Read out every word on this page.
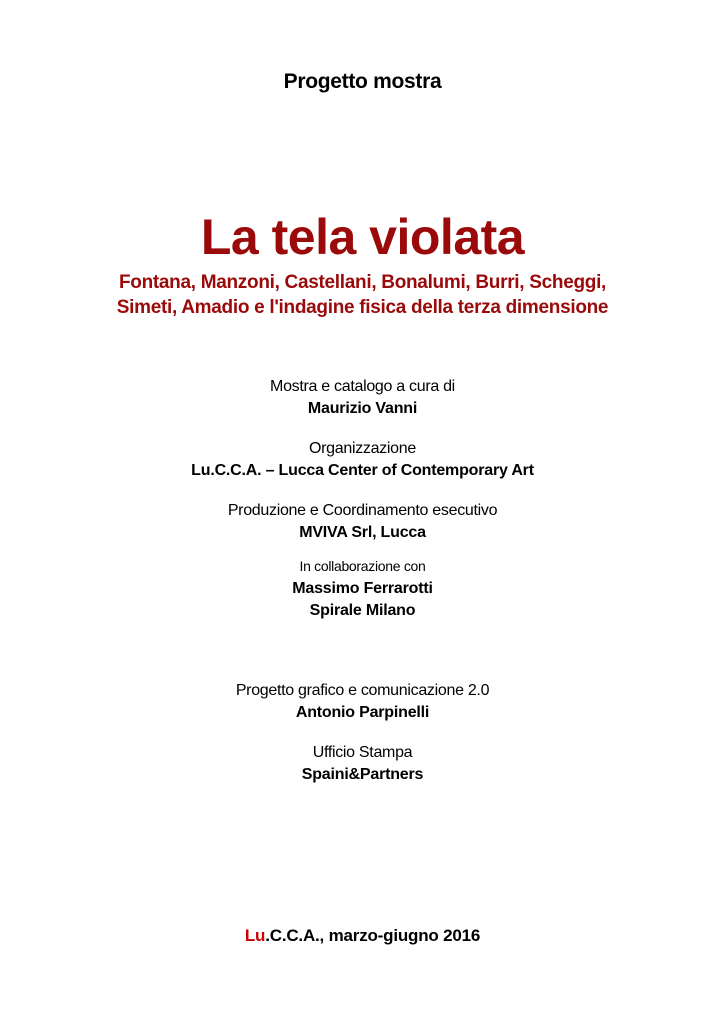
Progetto mostra
La tela violata
Fontana, Manzoni, Castellani, Bonalumi, Burri, Scheggi,
Simeti, Amadio e l'indagine fisica della terza dimensione
Mostra e catalogo a cura di
Maurizio Vanni
Organizzazione
Lu.C.C.A. – Lucca Center of Contemporary Art
Produzione e Coordinamento esecutivo
MVIVA Srl, Lucca
In collaborazione con
Massimo Ferrarotti
Spirale Milano
Progetto grafico e comunicazione 2.0
Antonio Parpinelli
Ufficio Stampa
Spaini&Partners
Lu.C.C.A., marzo-giugno 2016
